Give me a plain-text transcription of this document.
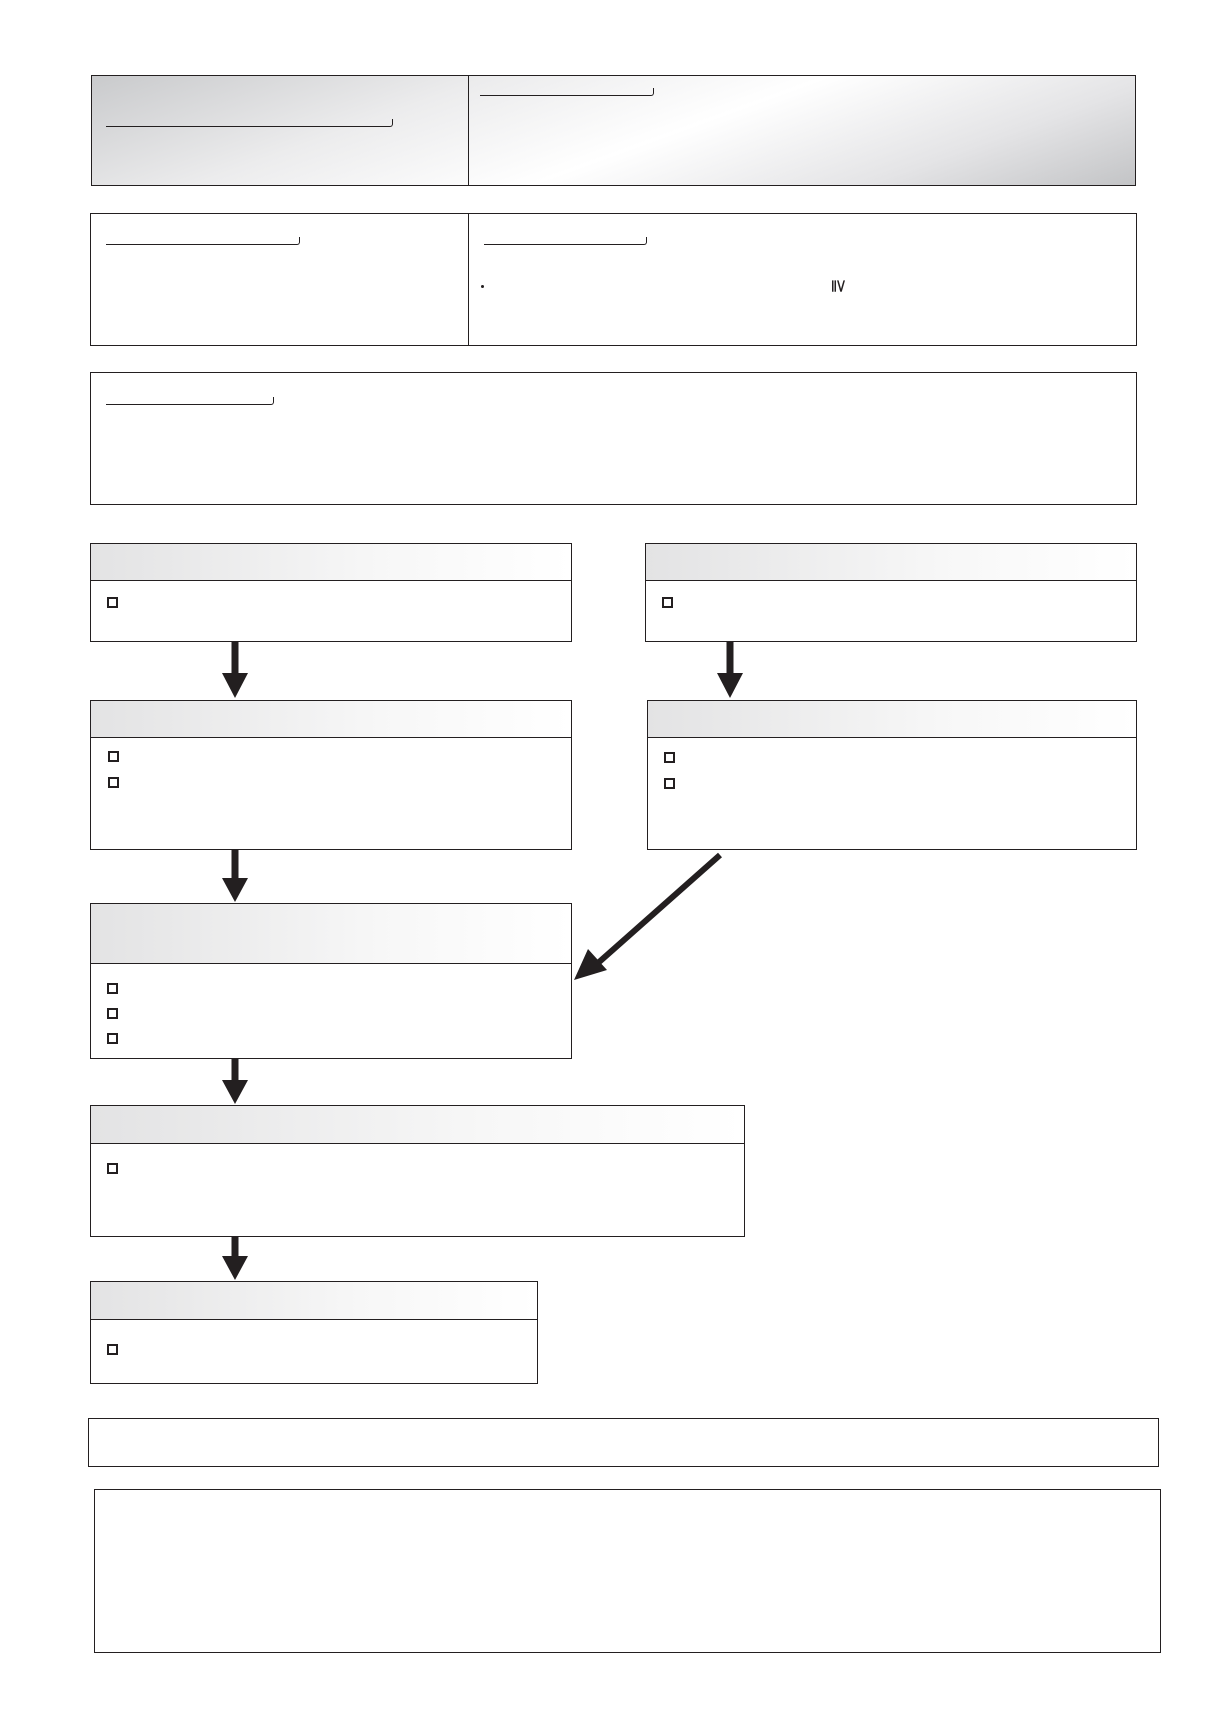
≧
